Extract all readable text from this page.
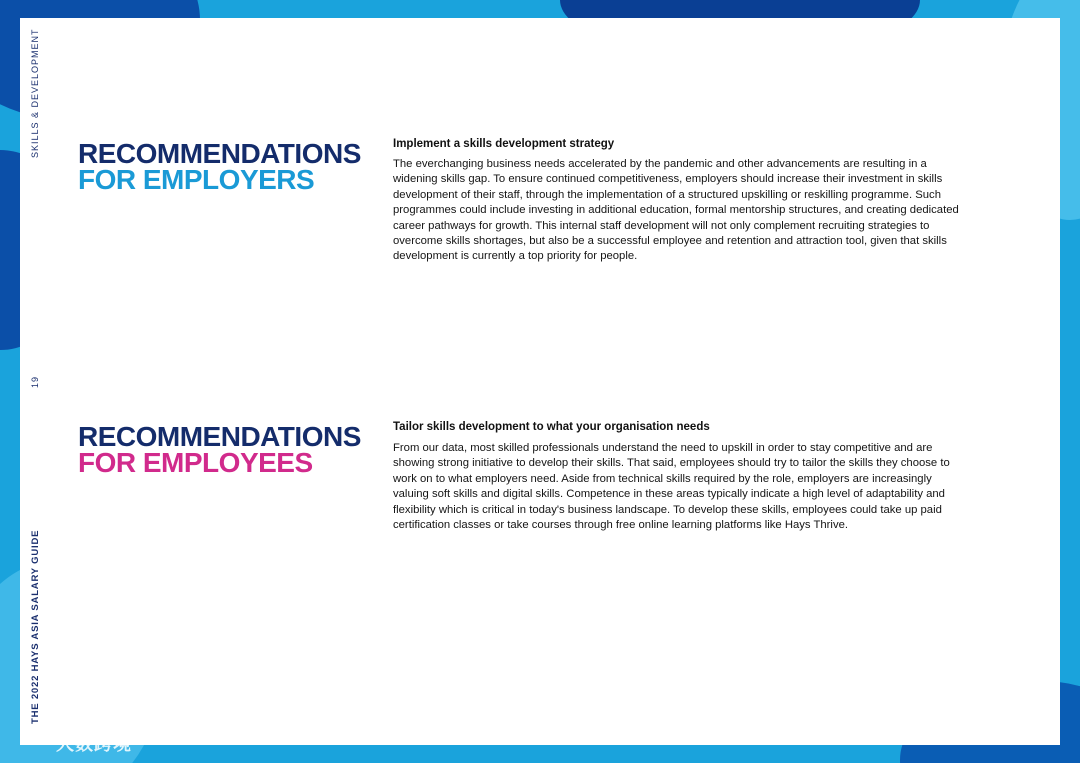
SKILLS & DEVELOPMENT
19
THE 2022 HAYS ASIA SALARY GUIDE
RECOMMENDATIONS
FOR EMPLOYERS

Implement a skills development strategy

The everchanging business needs accelerated by the pandemic and other advancements are resulting in a widening skills gap. To ensure continued competitiveness, employers should increase their investment in skills development of their staff, through the implementation of a structured upskilling or reskilling programme. Such programmes could include investing in additional education, formal mentorship structures, and creating dedicated career pathways for growth. This internal staff development will not only complement recruiting strategies to overcome skills shortages, but also be a successful employee and retention and attraction tool, given that skills development is currently a top priority for people.

RECOMMENDATIONS
FOR EMPLOYEES

Tailor skills development to what your organisation needs

From our data, most skilled professionals understand the need to upskill in order to stay competitive and are showing strong initiative to develop their skills. That said, employees should try to tailor the skills they choose to work on to what employers need. Aside from technical skills required by the role, employers are increasingly valuing soft skills and digital skills. Competence in these areas typically indicate a high level of adaptability and flexibility which is critical in today's business landscape. To develop these skills, employees could take up paid certification classes or take courses through free online learning platforms like Hays Thrive.

大数跨境
